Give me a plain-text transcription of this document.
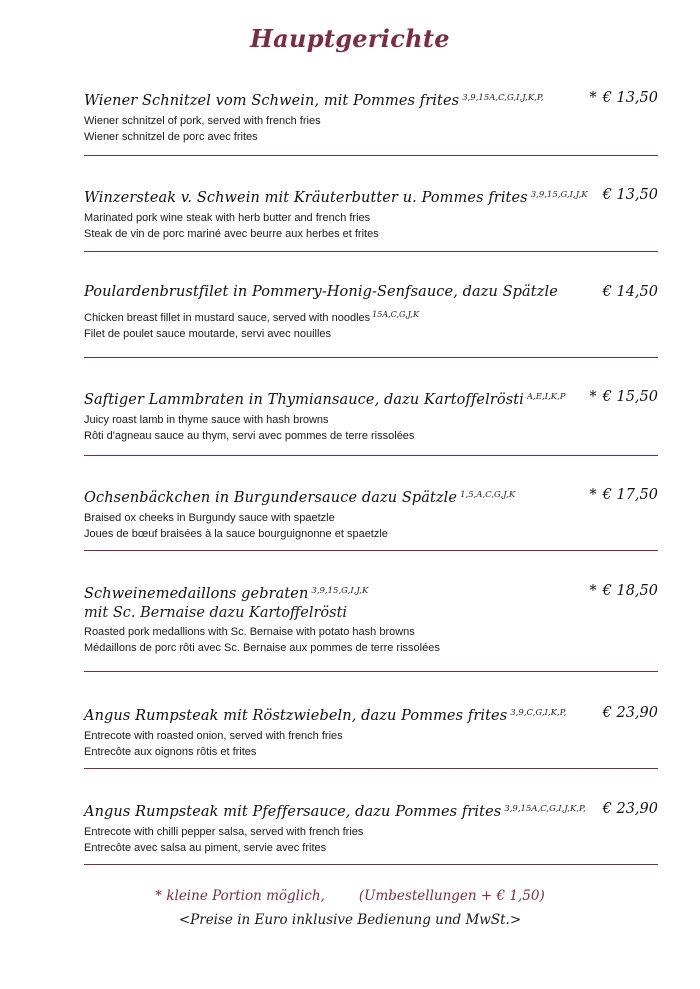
Hauptgerichte
Wiener Schnitzel vom Schwein, mit Pommes frites $^{3,9,15A,C,G,I,J,K,P,}$	* € 13,50
Wiener schnitzel of pork, served with french fries
Wiener schnitzel de porc avec frites
Winzersteak v. Schwein mit Kräuterbutter u. Pommes frites $^{3,9,15,G,I,J,K}$ € 13,50
Marinated pork wine steak with herb butter and french fries
Steak de vin de porc mariné avec beurre aux herbes et frites
Poulardenbrustfilet in Pommery-Honig-Senfsauce, dazu Spätzle	€ 14,50
Chicken breast fillet in mustard sauce, served with noodles $^{15A,C,G,J,K}$
Filet de poulet sauce moutarde, servi avec nouilles
Saftiger Lammbraten in Thymiansauce, dazu Kartoffelrösti $^{A,E,I,K,P}$ * € 15,50
Juicy roast lamb in thyme sauce with hash browns
Rôti d'agneau sauce au thym, servi avec pommes de terre rissolées
Ochsenbäckchen in Burgundersauce dazu Spätzle $^{1,5,A,C,G,J,K}$	* € 17,50
Braised ox cheeks in Burgundy sauce with spaetzle
Joues de bœuf braisées à la sauce bourguignonne et spaetzle
Schweinemedaillons gebraten $^{3,9,15,G,I,J,K}$	* € 18,50
mit Sc. Bernaise dazu Kartoffelrösti
Roasted pork medallions with Sc. Bernaise with potato hash browns
Médaillons de porc rôti avec Sc. Bernaise aux pommes de terre rissolées
Angus Rumpsteak mit Röstzwiebeln, dazu Pommes frites $^{3,9,C,G,I,K,P,}$	€ 23,90
Entrecote with roasted onion, served with french fries
Entrecôte aux oignons rôtis et frites
Angus Rumpsteak mit Pfeffersauce, dazu Pommes frites $^{3,9,15A,C,G,I,J,K,P,}$ € 23,90
Entrecote with chilli pepper salsa, served with french fries
Entrecôte avec salsa au piment, servie avec frites
* kleine Portion möglich,	(Umbestellungen + € 1,50)
<Preise in Euro inklusive Bedienung und MwSt.>
